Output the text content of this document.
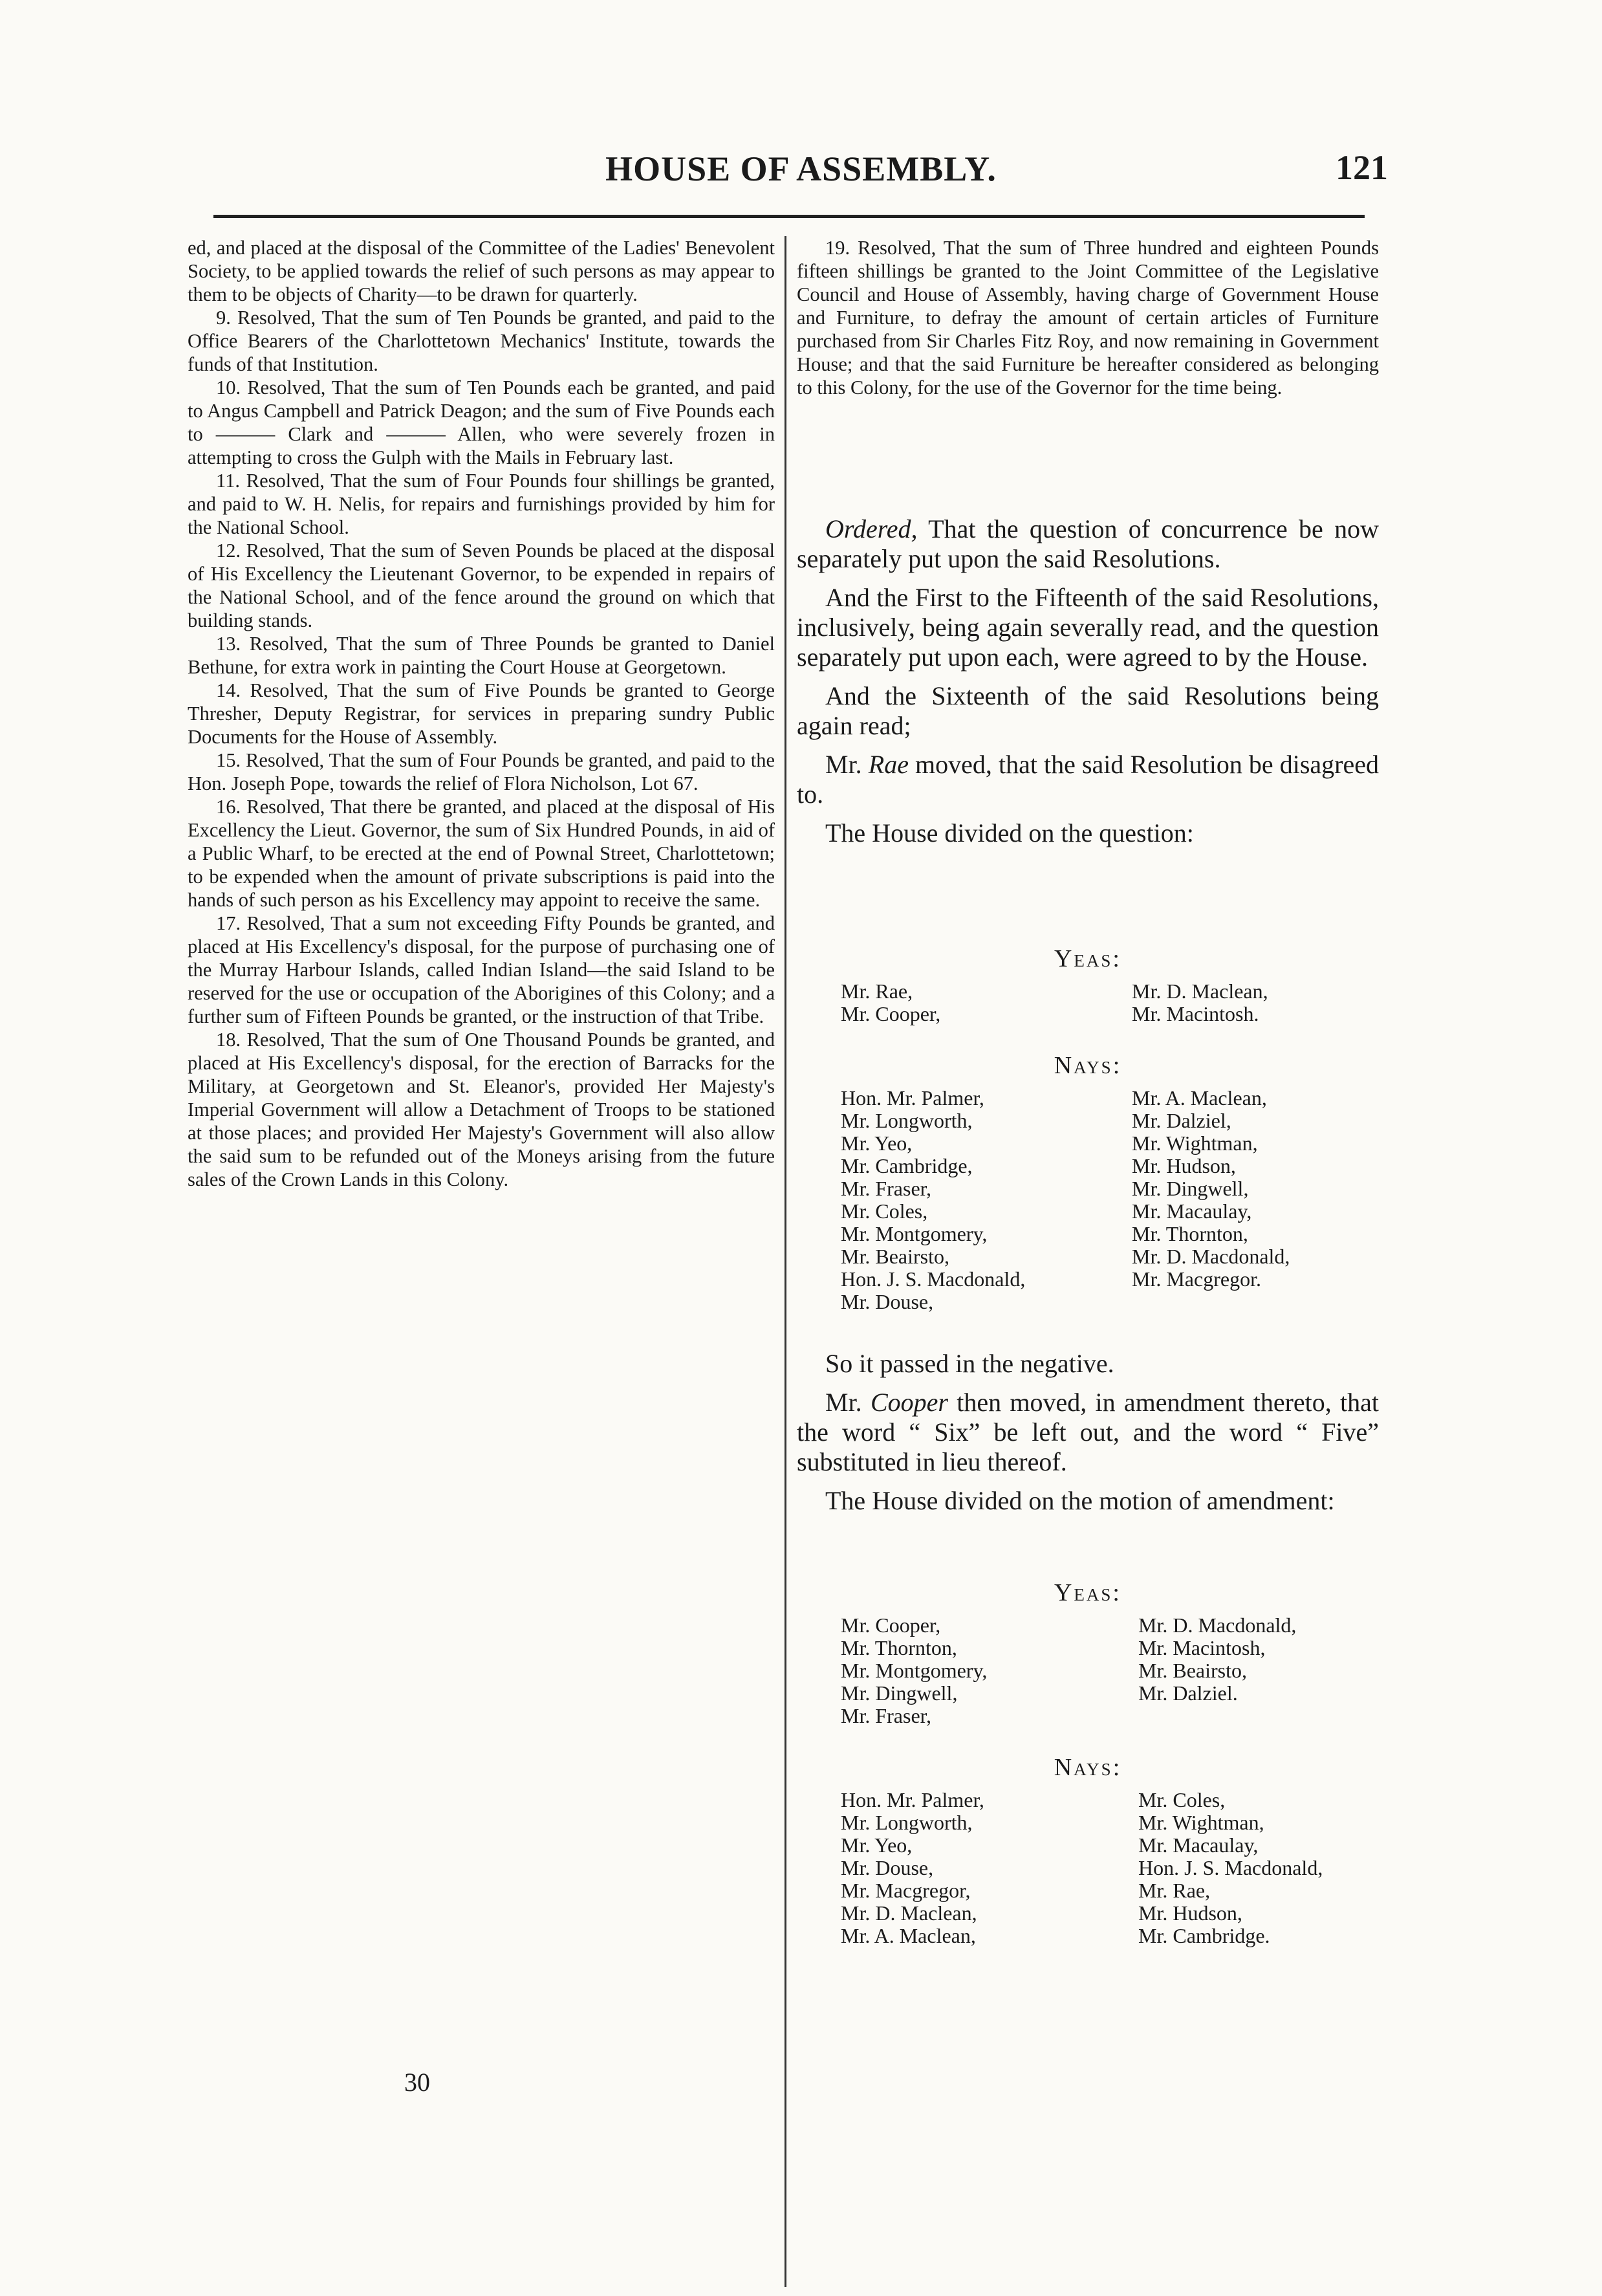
HOUSE OF ASSEMBLY.	121

ed, and placed at the disposal of the Committee of the Ladies' Benevolent Society, to be applied towards the relief of such persons as may appear to them to be objects of Charity—to be drawn for quarterly.

9. Resolved, That the sum of Ten Pounds be granted, and paid to the Office Bearers of the Charlottetown Mechanics' Institute, towards the funds of that Institution.

10. Resolved, That the sum of Ten Pounds each be granted, and paid to Angus Campbell and Patrick Deagon; and the sum of Five Pounds each to ——— Clark and ——— Allen, who were severely frozen in attempting to cross the Gulph with the Mails in February last.

11. Resolved, That the sum of Four Pounds four shillings be granted, and paid to W. H. Nelis, for repairs and furnishings provided by him for the National School.

12. Resolved, That the sum of Seven Pounds be placed at the disposal of His Excellency the Lieutenant Governor, to be expended in repairs of the National School, and of the fence around the ground on which that building stands.

13. Resolved, That the sum of Three Pounds be granted to Daniel Bethune, for extra work in painting the Court House at Georgetown.

14. Resolved, That the sum of Five Pounds be granted to George Thresher, Deputy Registrar, for services in preparing sundry Public Documents for the House of Assembly.

15. Resolved, That the sum of Four Pounds be granted, and paid to the Hon. Joseph Pope, towards the relief of Flora Nicholson, Lot 67.

16. Resolved, That there be granted, and placed at the disposal of His Excellency the Lieut. Governor, the sum of Six Hundred Pounds, in aid of a Public Wharf, to be erected at the end of Pownal Street, Charlottetown; to be expended when the amount of private subscriptions is paid into the hands of such person as his Excellency may appoint to receive the same.

17. Resolved, That a sum not exceeding Fifty Pounds be granted, and placed at His Excellency's disposal, for the purpose of purchasing one of the Murray Harbour Islands, called Indian Island—the said Island to be reserved for the use or occupation of the Aborigines of this Colony; and a further sum of Fifteen Pounds be granted, or the instruction of that Tribe.

18. Resolved, That the sum of One Thousand Pounds be granted, and placed at His Excellency's disposal, for the erection of Barracks for the Military, at Georgetown and St. Eleanor's, provided Her Majesty's Imperial Government will allow a Detachment of Troops to be stationed at those places; and provided Her Majesty's Government will also allow the said sum to be refunded out of the Moneys arising from the future sales of the Crown Lands in this Colony.

30

19. Resolved, That the sum of Three hundred and eighteen Pounds fifteen shillings be granted to the Joint Committee of the Legislative Council and House of Assembly, having charge of Government House and Furniture, to defray the amount of certain articles of Furniture purchased from Sir Charles Fitz Roy, and now remaining in Government House; and that the said Furniture be hereafter considered as belonging to this Colony, for the use of the Governor for the time being.

Ordered, That the question of concurrence be now separately put upon the said Resolutions.

And the First to the Fifteenth of the said Resolutions, inclusively, being again severally read, and the question separately put upon each, were agreed to by the House.

And the Sixteenth of the said Resolutions being again read;

Mr. Rae moved, that the said Resolution be disagreed to.

The House divided on the question:

Yeas:
Mr. Rae,
Mr. Cooper,
Mr. D. Maclean,
Mr. Macintosh.
Nays:
Hon. Mr. Palmer,
Mr. Longworth,
Mr. Yeo,
Mr. Cambridge,
Mr. Fraser,
Mr. Coles,
Mr. Montgomery,
Mr. Beairsto,
Hon. J. S. Macdonald,
Mr. Douse,
Mr. A. Maclean,
Mr. Dalziel,
Mr. Wightman,
Mr. Hudson,
Mr. Dingwell,
Mr. Macaulay,
Mr. Thornton,
Mr. D. Macdonald,
Mr. Macgregor.

So it passed in the negative.

Mr. Cooper then moved, in amendment thereto, that the word “ Six” be left out, and the word “ Five” substituted in lieu thereof.

The House divided on the motion of amendment:

Yeas:
Mr. Cooper,
Mr. Thornton,
Mr. Montgomery,
Mr. Dingwell,
Mr. Fraser,
Mr. D. Macdonald,
Mr. Macintosh,
Mr. Beairsto,
Mr. Dalziel.
Nays:
Hon. Mr. Palmer,
Mr. Longworth,
Mr. Yeo,
Mr. Douse,
Mr. Macgregor,
Mr. D. Maclean,
Mr. A. Maclean,
Mr. Coles,
Mr. Wightman,
Mr. Macaulay,
Hon. J. S. Macdonald,
Mr. Rae,
Mr. Hudson,
Mr. Cambridge.
